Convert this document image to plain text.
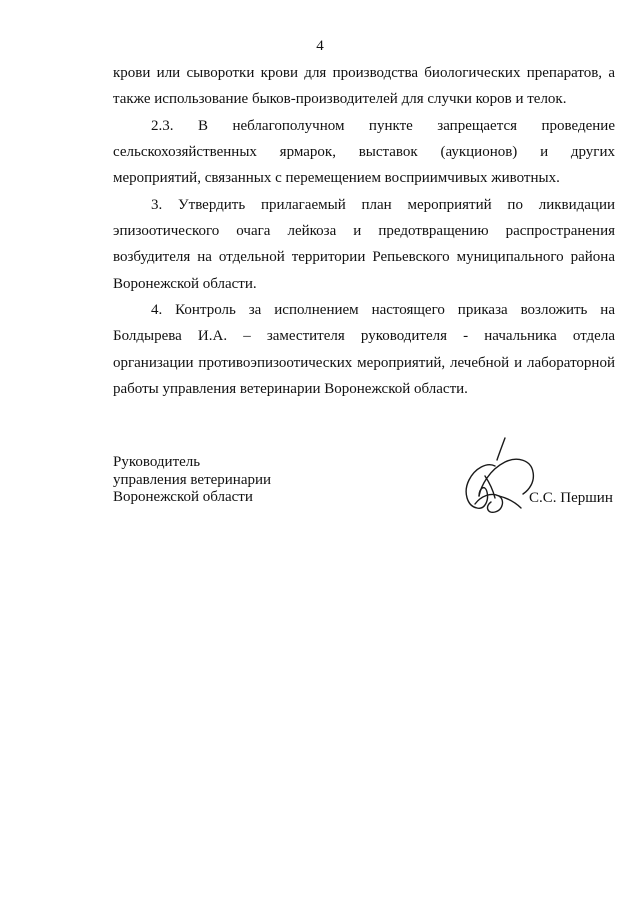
4
крови или сыворотки крови для производства биологических препаратов, а
также использование быков-производителей для случки коров и телок.
2.3. В неблагополучном пункте запрещается проведение
сельскохозяйственных ярмарок, выставок (аукционов) и других
мероприятий, связанных с перемещением восприимчивых животных.
3. Утвердить прилагаемый план мероприятий по ликвидации
эпизоотического очага лейкоза и предотвращению распространения
возбудителя на отдельной территории Репьевского муниципального района
Воронежской области.
4. Контроль за исполнением настоящего приказа возложить на
Болдырева И.А. – заместителя руководителя - начальника отдела
организации противоэпизоотических мероприятий, лечебной и лабораторной
работы управления ветеринарии Воронежской области.
Руководитель
управления ветеринарии
Воронежской области	С.С. Першин
